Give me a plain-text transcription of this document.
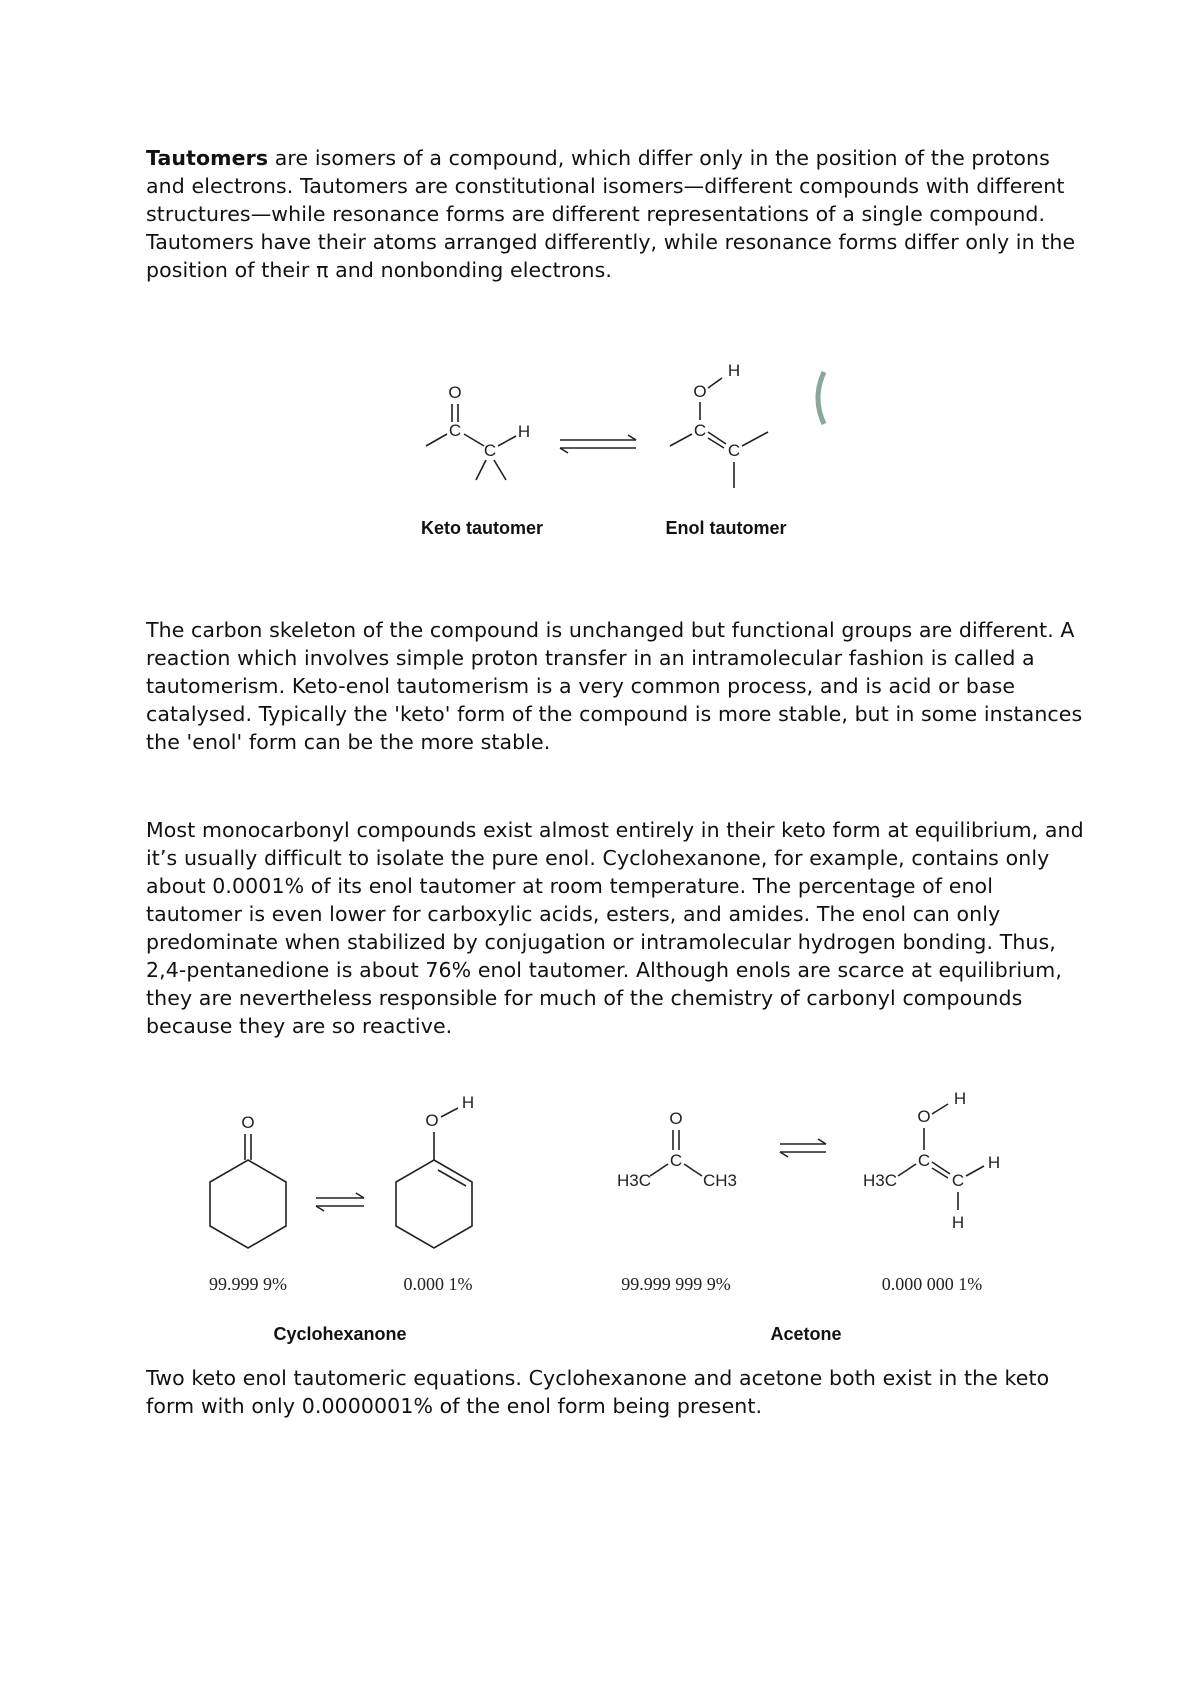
Tautomers are isomers of a compound, which differ only in the position of the protons and electrons. Tautomers are constitutional isomers—different compounds with different structures—while resonance forms are different representations of a single compound. Tautomers have their atoms arranged differently, while resonance forms differ only in the position of their π and nonbonding electrons.

O
C
C
H
O
H
C
C
Keto tautomer	Enol tautomer

The carbon skeleton of the compound is unchanged but functional groups are different. A reaction which involves simple proton transfer in an intramolecular fashion is called a tautomerism. Keto-enol tautomerism is a very common process, and is acid or base catalysed. Typically the 'keto' form of the compound is more stable, but in some instances the 'enol' form can be the more stable.

Most monocarbonyl compounds exist almost entirely in their keto form at equilibrium, and it’s usually difficult to isolate the pure enol. Cyclohexanone, for example, contains only about 0.0001% of its enol tautomer at room temperature. The percentage of enol tautomer is even lower for carboxylic acids, esters, and amides. The enol can only predominate when stabilized by conjugation or intramolecular hydrogen bonding. Thus, 2,4-pentanedione is about 76% enol tautomer. Although enols are scarce at equilibrium, they are nevertheless responsible for much of the chemistry of carbonyl compounds because they are so reactive.

O	O
H
99.999 9%	0.000 1%
Cyclohexanone
O
C
H3C	CH3
O
H
C
H3C	C
H
H
99.999 999 9%	0.000 000 1%
Acetone

Two keto enol tautomeric equations. Cyclohexanone and acetone both exist in the keto form with only 0.0000001% of the enol form being present.
